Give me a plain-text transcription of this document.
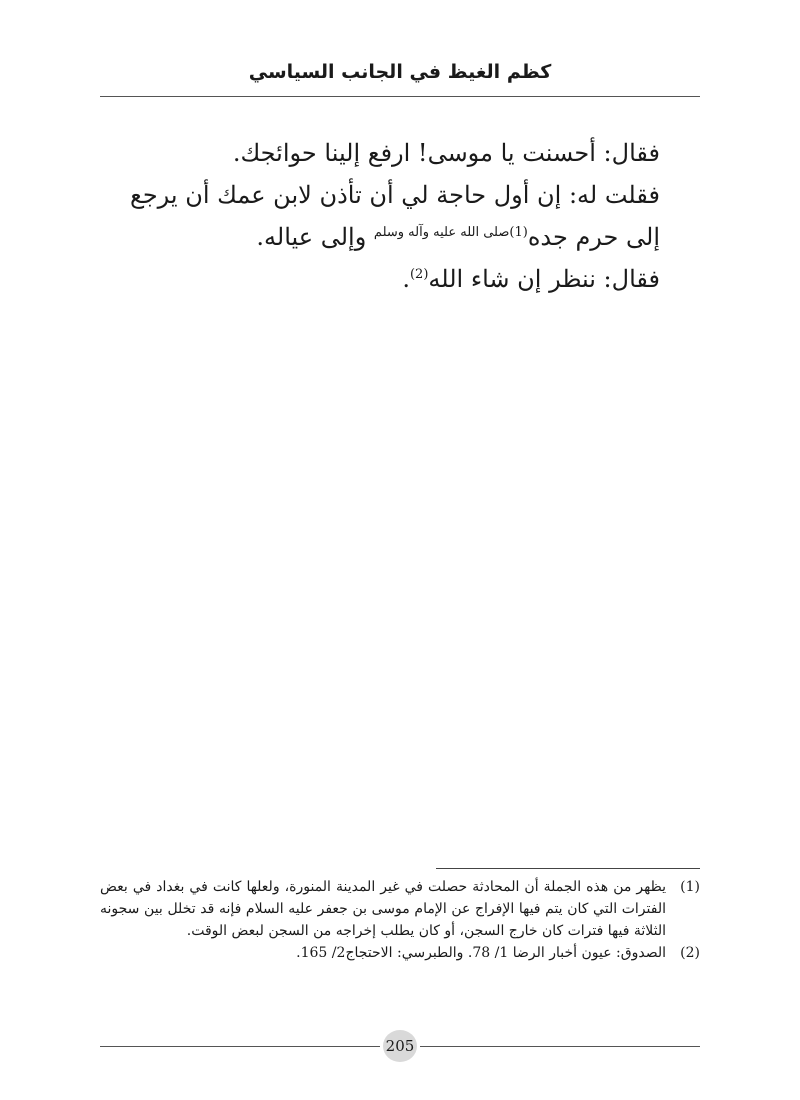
كظم الغيظ في الجانب السياسي

فقال: أحسنت يا موسى! ارفع إلينا حوائجك.

فقلت له: إن أول حاجة لي أن تأذن لابن عمك أن يرجع إلى حرم جده$^{(1)صلى الله عليه وآله وسلم}$ وإلى عياله.

فقال: ننظر إن شاء الله$^{(2)}$.

(1)
يظهر من هذه الجملة أن المحادثة حصلت في غير المدينة المنورة، ولعلها كانت في بغداد في بعض الفترات التي كان يتم فيها الإفراج عن الإمام موسى بن جعفر عليه السلام فإنه قد تخلل بين سجونه الثلاثة فيها فترات كان خارج السجن، أو كان يطلب إخراجه من السجن لبعض الوقت.
(2)
الصدوق: عيون أخبار الرضا 1/ 78. والطبرسي: الاحتجاج2/ 165.
205
